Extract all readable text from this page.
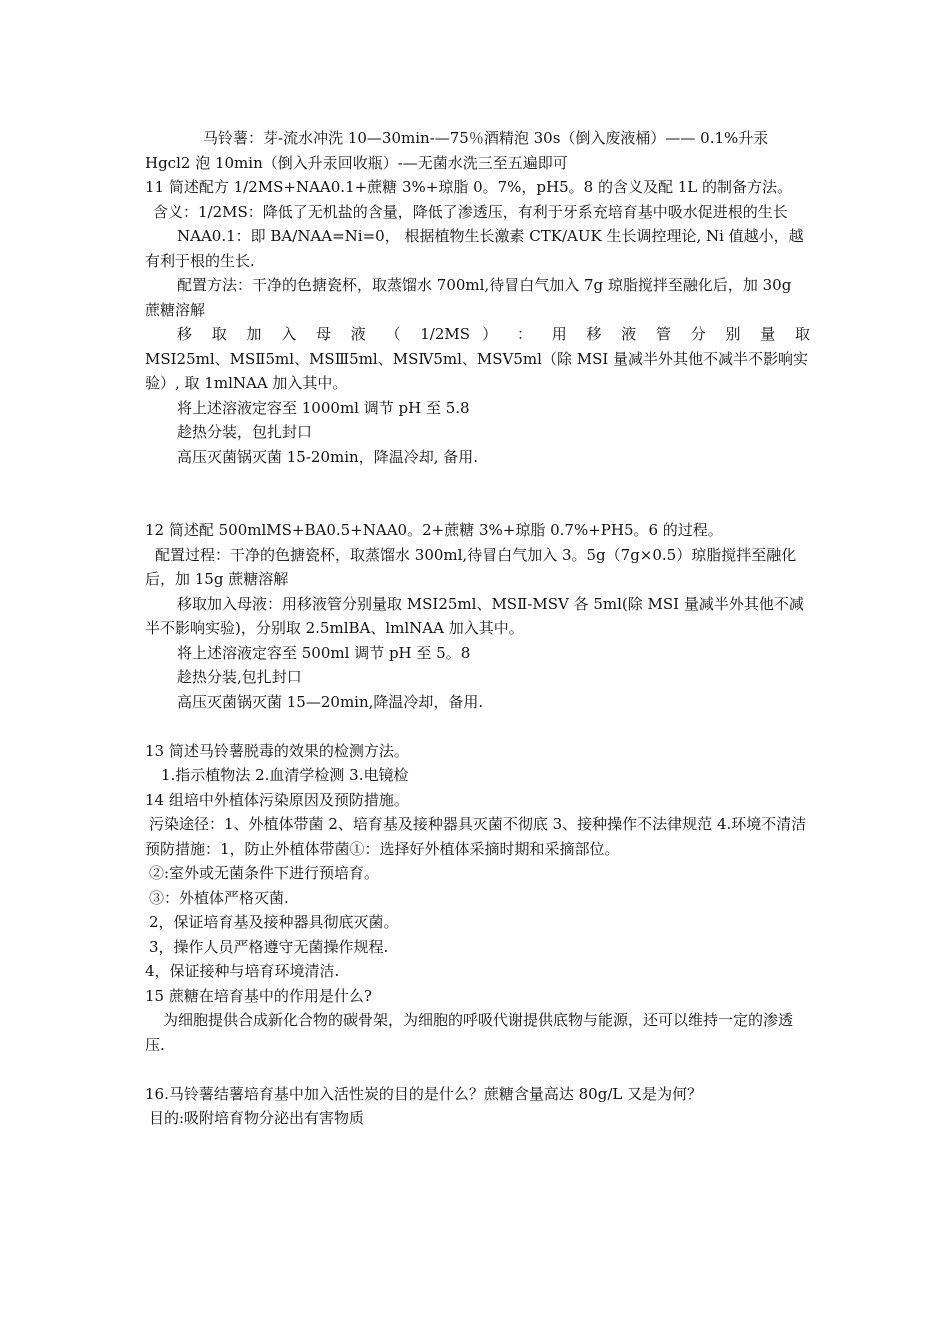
马铃薯：芽-流水冲洗 10—30min-—75％酒精泡 30s（倒入废液桶）—— 0.1%升汞 Hgcl2 泡 10min（倒入升汞回收瓶）-—无菌水洗三至五遍即可

11 简述配方 1/2MS+NAA0.1+蔗糖 3%+琼脂 0。7%，pH5。8 的含义及配 1L 的制备方法。

含义：1/2MS：降低了无机盐的含量，降低了渗透压，有利于牙系充培育基中吸水促进根的生长

NAA0.1：即 BA/NAA=Ni=0， 根据植物生长激素 CTK/AUK 生长调控理论, Ni 值越小，越有利于根的生长.

配置方法：干净的色搪瓷杯，取蒸馏水 700ml,待冒白气加入 7g 琼脂搅拌至融化后，加 30g 蔗糖溶解

移 取 加 入 母 液 （ 1/2MS ） ： 用 移 液 管 分 别 量 取

MSⅠ25ml、MSⅡ5ml、MSⅢ5ml、MSⅣ5ml、MSⅤ5ml（除 MSⅠ 量减半外其他不减半不影响实验）, 取 1mlNAA 加入其中。

将上述溶液定容至 1000ml 调节 pH 至 5.8

趁热分装，包扎封口

高压灭菌锅灭菌 15-20min，降温冷却, 备用.

12 简述配 500mlMS+BA0.5+NAA0。2+蔗糖 3%+琼脂 0.7%+PH5。6 的过程。

配置过程：干净的色搪瓷杯，取蒸馏水 300ml,待冒白气加入 3。5g（7g×0.5）琼脂搅拌至融化后，加 15g 蔗糖溶解

移取加入母液：用移液管分别量取 MSⅠ25ml、MSⅡ-MSⅤ 各 5ml(除 MSⅠ 量减半外其他不减半不影响实验)，分别取 2.5mlBA、lmlNAA 加入其中。

将上述溶液定容至 500ml 调节 pH 至 5。8

趁热分装,包扎封口

高压灭菌锅灭菌 15—20min,降温冷却，备用.

13 简述马铃薯脱毒的效果的检测方法。

1.指示植物法 2.血清学检测 3.电镜检

14 组培中外植体污染原因及预防措施。

污染途径：1、外植体带菌 2、培育基及接种器具灭菌不彻底 3、接种操作不法律规范 4.环境不清洁

预防措施：1，防止外植体带菌①：选择好外植体采摘时期和采摘部位。

②:室外或无菌条件下进行预培育。

③：外植体严格灭菌.

2，保证培育基及接种器具彻底灭菌。

3，操作人员严格遵守无菌操作规程.

4，保证接种与培育环境清洁.

15 蔗糖在培育基中的作用是什么?

为细胞提供合成新化合物的碳骨架，为细胞的呼吸代谢提供底物与能源，还可以维持一定的渗透压.

16.马铃薯结薯培育基中加入活性炭的目的是什么？蔗糖含量高达 80g/L 又是为何？

目的:吸附培育物分泌出有害物质
